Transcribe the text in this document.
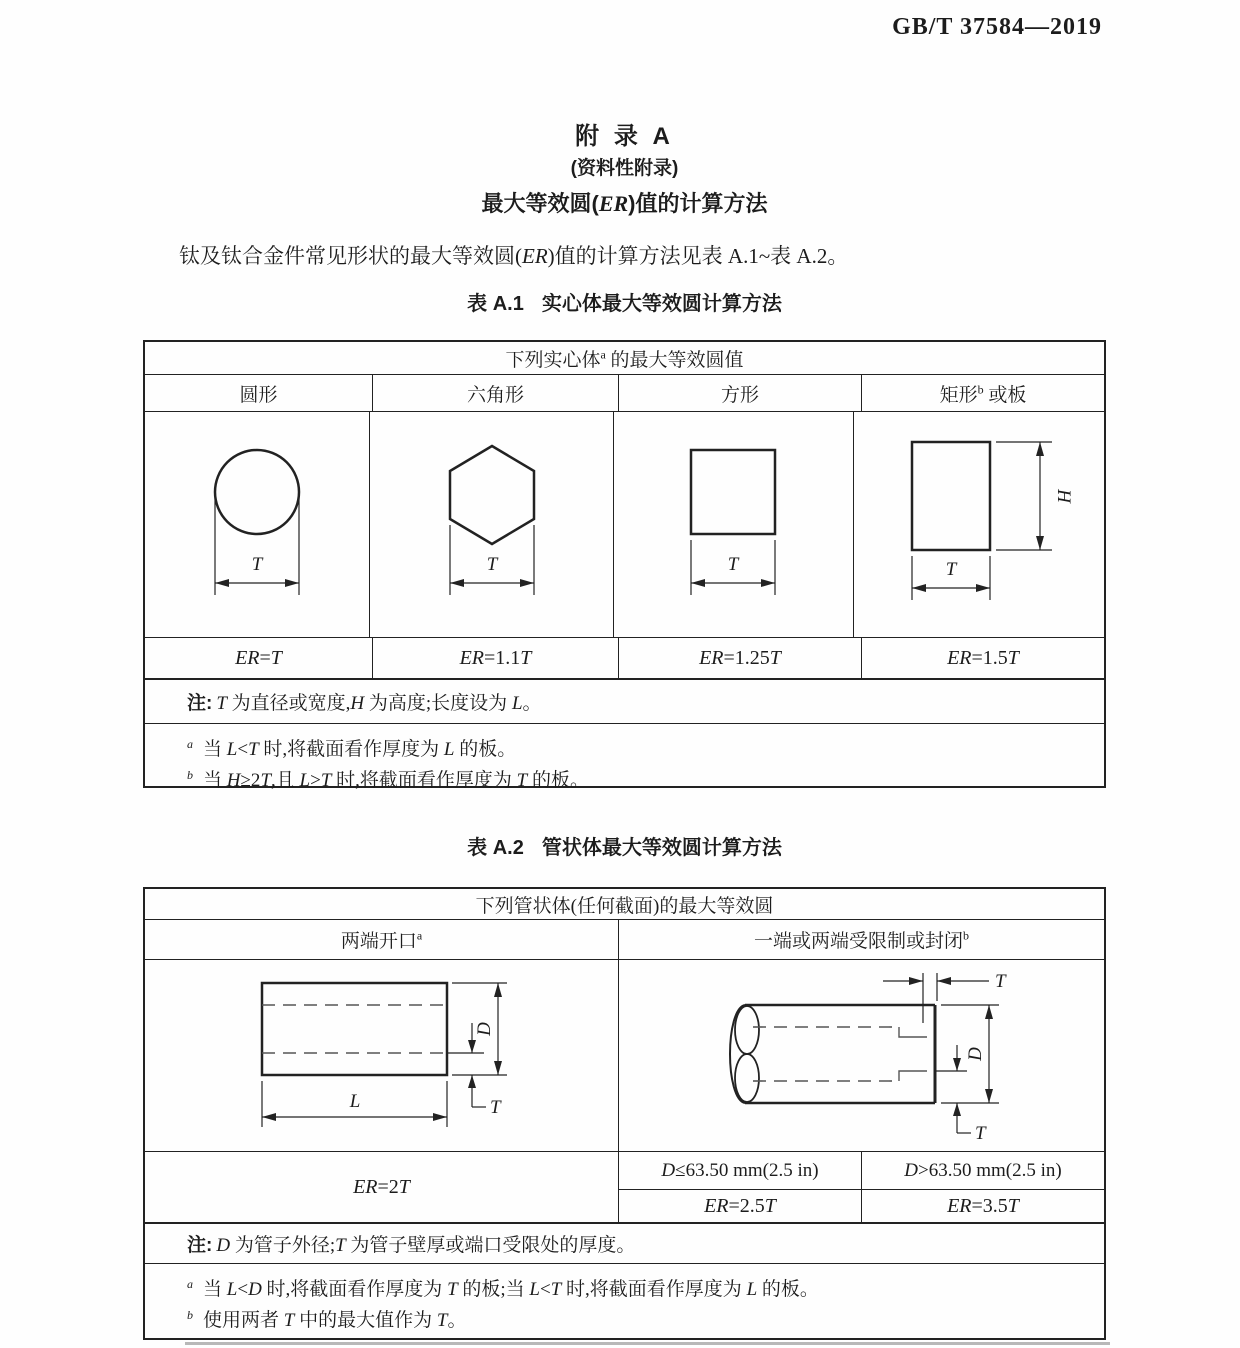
GB/T 37584—2019
附 录 A
(资料性附录)
最大等效圆(ER)值的计算方法
钛及钛合金件常见形状的最大等效圆(ER)值的计算方法见表 A.1~表 A.2。
表 A.1 实心体最大等效圆计算方法
下列实心体$^a$ 的最大等效圆值
圆形	六角形	方形	矩形$^b$ 或板
T	T	T	T
H
ER = T	ER =1.1 T	ER =1.25 T	ER =1.5 T
注: T 为直径或宽度,H 为高度;长度设为 L。
$^a$ 当 L<T 时,将截面看作厚度为 L 的板。
$^b$ 当 H≥2T,且 L>T 时,将截面看作厚度为 T 的板。
表 A.2 管状体最大等效圆计算方法
下列管状体(任何截面)的最大等效圆
两端开口$^a$	一端或两端受限制或封闭$^b$
L
D
T
T
D
T
ER =2 T
D ≤63.50 mm(2.5 in)	D >63.50 mm(2.5 in)
ER =2.5 T	ER =3.5 T
注: D 为管子外径;T 为管子壁厚或端口受限处的厚度。
$^a$ 当 L<D 时,将截面看作厚度为 T 的板;当 L<T 时,将截面看作厚度为 L 的板。
$^b$ 使用两者 T 中的最大值作为 T。
